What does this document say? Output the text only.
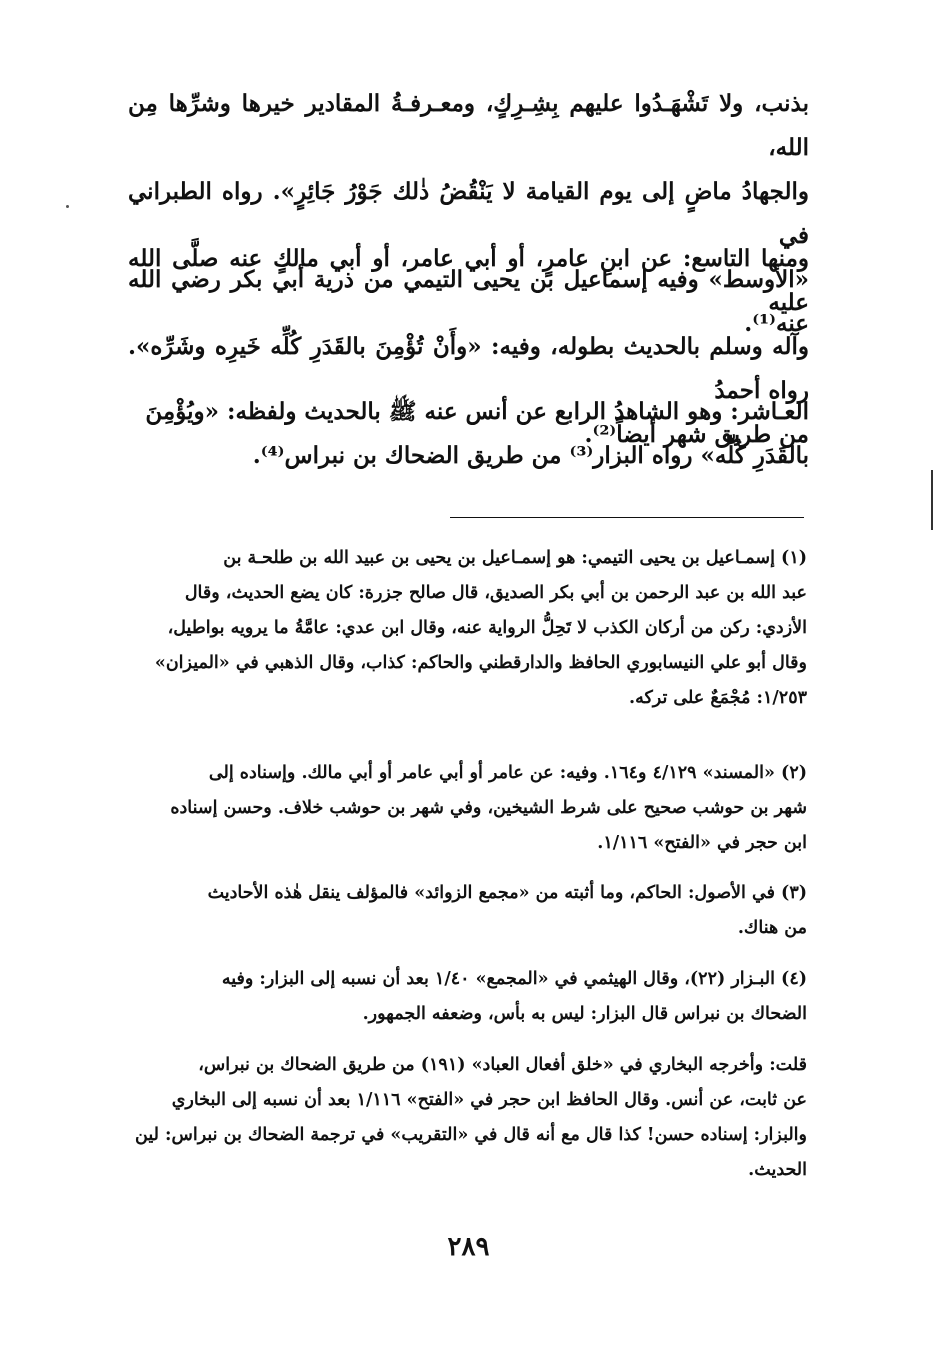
بذنب، ولا تَشْهَـدُوا عليهم بِشِـرِكٍ، ومعـرفـةُ المقادير خيرها وشرِّها مِن الله،

والجهادُ ماضٍ إلى يوم القيامة لا يَنْقُضُ ذٰلك جَوْرُ جَائِرٍ». رواه الطبراني في

«الأوسط» وفيه إسماعيل بن يحيى التيمي من ذرية أبي بكر رضي الله عنه⁽¹⁾.

ومنها التاسع: عن ابنِ عامرٍ، أو أبي عامر، أو أبي مالكٍ عنه صلَّى الله عليه

وآله وسلم بالحديث بطوله، وفيه: «وأَنْ تُؤْمِنَ بالقَدَرِ كُلِّه خَيرِه وشَرِّه». رواه أحمدُ

من طريق شهر أيضاً⁽²⁾.

العـاشر: وهو الشاهدُ الرابع عن أنس عنه ﷺ بالحديث ولفظه: «ويُؤْمِنَ

بالقَدَرِ كُلِّه» رواه البزار⁽³⁾ من طريق الضحاك بن نبراس⁽⁴⁾.

(١) إسمـاعيل بن يحيى التيمي: هو إسمـاعيل بن يحيى بن عبيد الله بن طلحـة بن

عبد الله بن عبد الرحمن بن أبي بكر الصديق، قال صالح جزرة: كان يضع الحديث، وقال

الأزدي: ركن من أركان الكذب لا تَحِلُّ الرواية عنه، وقال ابن عدي: عامَّةُ ما يرويه بواطيل،

وقال أبو علي النيسابوري الحافظ والدارقطني والحاكم: كذاب، وقال الذهبي في «الميزان»

١/٢٥٣: مُجْمَعٌ على تركه.

(٢) «المسند» ٤/١٢٩ و١٦٤. وفيه: عن عامر أو أبي عامر أو أبي مالك. وإسناده إلى

شهر بن حوشب صحيح على شرط الشيخين، وفي شهر بن حوشب خلاف. وحسن إسناده

ابن حجر في «الفتح» ١/١١٦.

(٣) في الأصول: الحاكم، وما أثبته من «مجمع الزوائد» فالمؤلف ينقل هٰذه الأحاديث

من هناك.

(٤) البـزار (٢٢)، وقال الهيثمي في «المجمع» ١/٤٠ بعد أن نسبه إلى البزار: وفيه

الضحاك بن نبراس قال البزار: ليس به بأس، وضعفه الجمهور.

قلت: وأخرجه البخاري في «خلق أفعال العباد» (١٩١) من طريق الضحاك بن نبراس،

عن ثابت، عن أنس. وقال الحافظ ابن حجر في «الفتح» ١/١١٦ بعد أن نسبه إلى البخاري

والبزار: إسناده حسن! كذا قال مع أنه قال في «التقريب» في ترجمة الضحاك بن نبراس: لين

الحديث.

٢٨٩
